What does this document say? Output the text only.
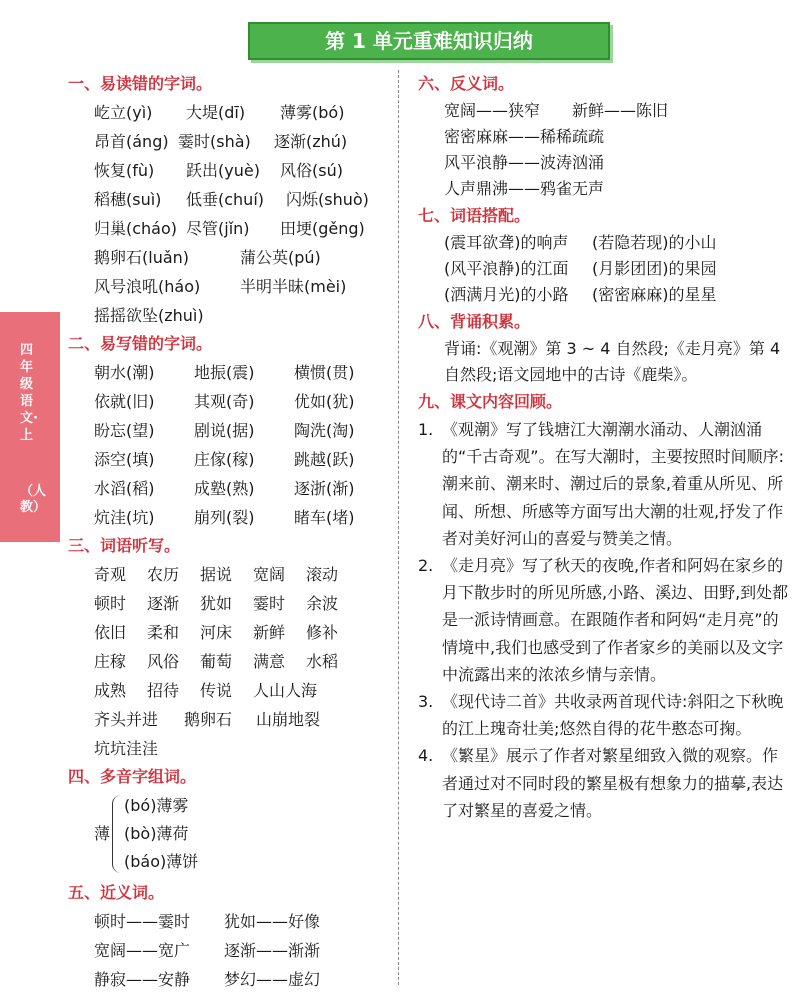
第 1 单元重难知识归纳
四年级语文·上
（人教）
一、易读错的字词。
屹立(yì) 大堤(dī) 薄雾(bó)
昂首(áng) 霎时(shà) 逐渐(zhú)
恢复(fù) 跃出(yuè) 风俗(sú)
稻穗(suì) 低垂(chuí) 闪烁(shuò)
归巢(cháo) 尽管(jǐn) 田埂(gěng)
鹅卵石(luǎn)	蒲公英(pú)
风号浪吼(háo) 半明半昧(mèi)
摇摇欲坠(zhuì)
二、易写错的字词。
朝水(潮) 地振(震) 横惯(贯)
依就(旧) 其观(奇) 优如(犹)
盼忘(望) 剧说(据) 陶洗(淘)
添空(填) 庄傢(稼) 跳越(跃)
水滔(稻) 成塾(熟) 逐浙(渐)
炕洼(坑) 崩列(裂) 睹车(堵)
三、词语听写。
奇观 农历 据说 宽阔 滚动
顿时 逐渐 犹如 霎时 余波
依旧 柔和 河床 新鲜 修补
庄稼 风俗 葡萄 满意 水稻
成熟 招待 传说 人山人海
齐头并进 鹅卵石 山崩地裂
坑坑洼洼
四、多音字组词。
薄
(bó)薄雾
(bò)薄荷
(báo)薄饼
五、近义词。
顿时——霎时 犹如——好像
宽阔——宽广 逐渐——渐渐
静寂——安静 梦幻——虚幻
六、反义词。
宽阔——狭窄 新鲜——陈旧
密密麻麻——稀稀疏疏
风平浪静——波涛汹涌
人声鼎沸——鸦雀无声
七、词语搭配。
(震耳欲聋)的响声 (若隐若现)的小山
(风平浪静)的江面 (月影团团)的果园
(洒满月光)的小路 (密密麻麻)的星星
八、背诵积累。
背诵:《观潮》第 3 ~ 4 自然段;《走月亮》第 4 自然段;语文园地中的古诗《鹿柴》。
九、课文内容回顾。
1. 《观潮》写了钱塘江大潮潮水涌动、人潮汹涌的“千古奇观”。在写大潮时，主要按照时间顺序:潮来前、潮来时、潮过后的景象,着重从所见、所闻、所想、所感等方面写出大潮的壮观,抒发了作者对美好河山的喜爱与赞美之情。
2. 《走月亮》写了秋天的夜晚,作者和阿妈在家乡的月下散步时的所见所感,小路、溪边、田野,到处都是一派诗情画意。在跟随作者和阿妈“走月亮”的情境中,我们也感受到了作者家乡的美丽以及文字中流露出来的浓浓乡情与亲情。
3. 《现代诗二首》共收录两首现代诗:斜阳之下秋晚的江上瑰奇壮美;悠然自得的花牛憨态可掬。
4. 《繁星》展示了作者对繁星细致入微的观察。作者通过对不同时段的繁星极有想象力的描摹,表达了对繁星的喜爱之情。
